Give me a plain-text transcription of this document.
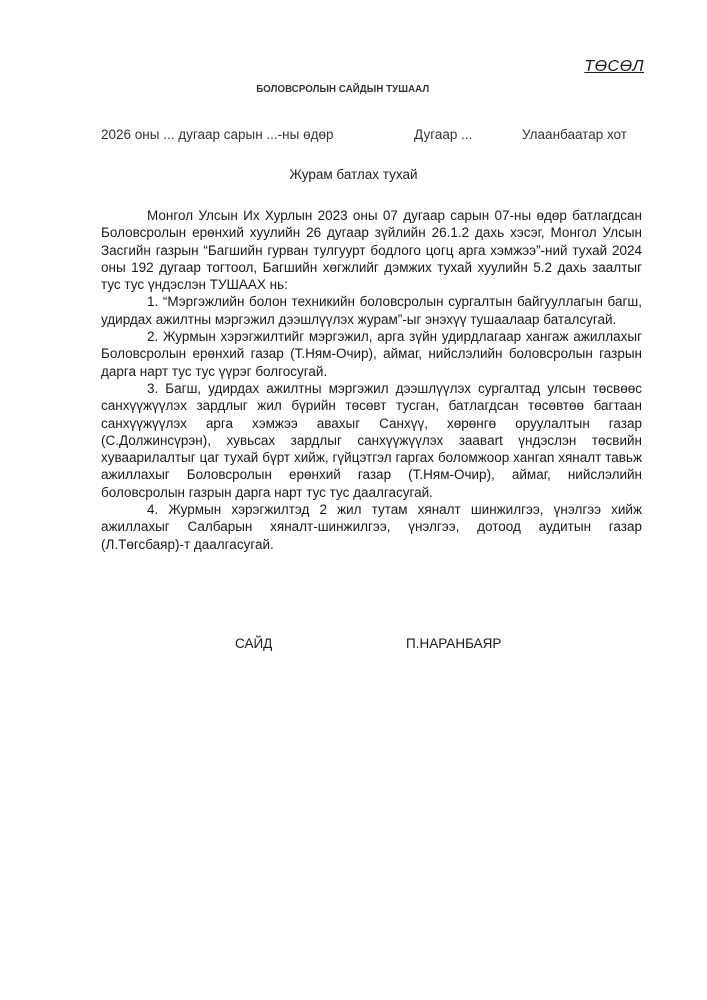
ТӨСӨЛ
БОЛОВСРОЛЫН САЙДЫН ТУШААЛ
2026 оны ... дугаар сарын ...-ны өдөр	Дугаар ...	Улаанбаатар хот
Журам батлах тухай

Монгол Улсын Их Хурлын 2023 оны 07 дугаар сарын 07-ны өдөр батлагдсан Боловсролын ерөнхий хуулийн 26 дугаар зүйлийн 26.1.2 дахь хэсэг, Монгол Улсын Засгийн газрын “Багшийн гурван тулгуурт бодлого цогц арга хэмжээ”-ний тухай 2024 оны 192 дугаар тогтоол, Багшийн хөгжлийг дэмжих тухай хуулийн 5.2 дахь заалтыг тус тус үндэслэн ТУШААХ нь:

1. “Мэргэжлийн болон техникийн боловсролын сургалтын байгууллагын багш, удирдах ажилтны мэргэжил дээшлүүлэх журам”-ыг энэхүү тушаалаар баталсугай.

2. Журмын хэрэгжилтийг мэргэжил, арга зүйн удирдлагаар хангаж ажиллахыг Боловсролын ерөнхий газар (Т.Ням-Очир), аймаг, нийслэлийн боловсролын газрын дарга нарт тус тус үүрэг болгосугай.

3. Багш, удирдах ажилтны мэргэжил дээшлүүлэх сургалтад улсын төсвөөс санхүүжүүлэх зардлыг жил бүрийн төсөвт тусган, батлагдсан төсөвтөө багтаан санхүүжүүлэх арга хэмжээ авахыг Санхүү, хөрөнгө оруулалтын газар (С.Должинсүрэн), хувьсах зардлыг санхүүжүүлэх заавart үндэслэн төсвийн хуваарилалтыг цаг тухай бүрт хийж, гүйцэтгэл гаргах боломжоор хангаn хяналт тавьж ажиллахыг Боловсролын ерөнхий газар (Т.Ням-Очир), аймаг, нийслэлийн боловсролын газрын дарга нарт тус тус даалгасугай.

4. Журмын хэрэгжилтэд 2 жил тутам хяналт шинжилгээ, үнэлгээ хийж ажиллахыг Салбарын хяналт-шинжилгээ, үнэлгээ, дотоод аудитын газар (Л.Төгсбаяр)-т даалгасугай.

САЙД	П.НАРАНБАЯР
